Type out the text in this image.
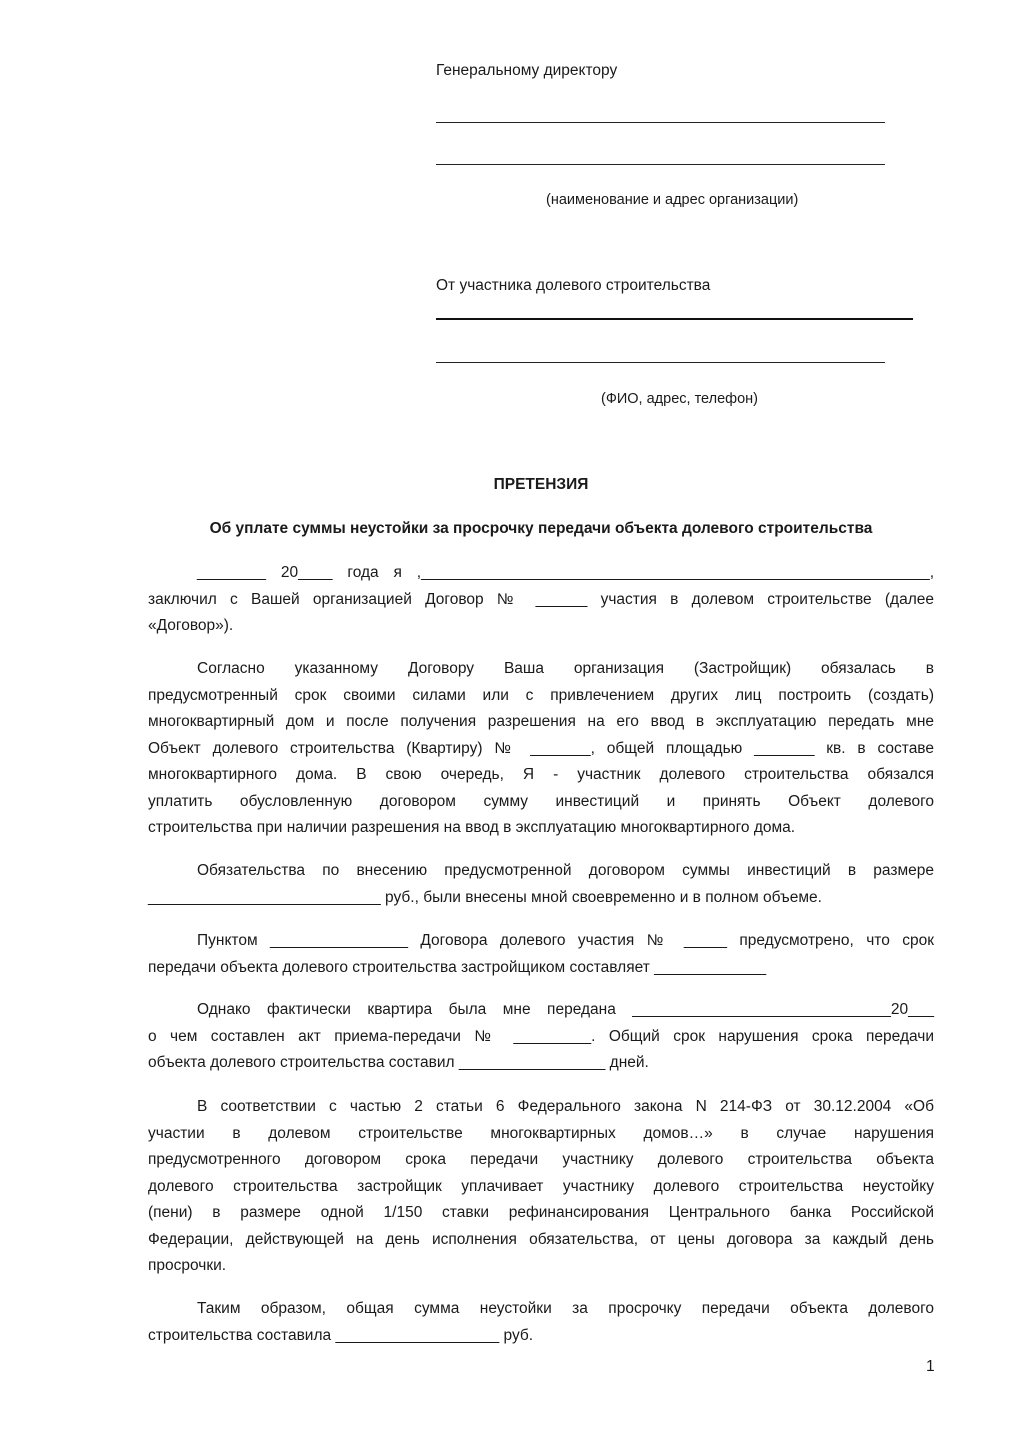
Генеральному директору
(наименование и адрес организации)
От участника долевого строительства
(ФИО, адрес, телефон)
ПРЕТЕНЗИЯ
Об уплате суммы неустойки за просрочку передачи объекта долевого строительства
________ 20____ года я ,___________________________________________________________,
заключил с Вашей организацией Договор № ______ участия в долевом строительстве (далее
«Договор»).
Согласно указанному Договору Ваша организация (Застройщик) обязалась в
предусмотренный срок своими силами или с привлечением других лиц построить (создать)
многоквартирный дом и после получения разрешения на его ввод в эксплуатацию передать мне
Объект долевого строительства (Квартиру) № _______, общей площадью _______ кв. в составе
многоквартирного дома. В свою очередь, Я - участник долевого строительства обязался
уплатить обусловленную договором сумму инвестиций и принять Объект долевого
строительства при наличии разрешения на ввод в эксплуатацию многоквартирного дома.
Обязательства по внесению предусмотренной договором суммы инвестиций в размере
___________________________ руб., были внесены мной своевременно и в полном объеме.
Пунктом ________________ Договора долевого участия № _____ предусмотрено, что срок
передачи объекта долевого строительства застройщиком составляет _____________
Однако фактически квартира была мне передана ______________________________20___
о чем составлен акт приема-передачи № _________. Общий срок нарушения срока передачи
объекта долевого строительства составил _________________ дней.
В соответствии с частью 2 статьи 6 Федерального закона N 214-ФЗ от 30.12.2004 «Об
участии в долевом строительстве многоквартирных домов…» в случае нарушения
предусмотренного договором срока передачи участнику долевого строительства объекта
долевого строительства застройщик уплачивает участнику долевого строительства неустойку
(пени) в размере одной 1/150 ставки рефинансирования Центрального банка Российской
Федерации, действующей на день исполнения обязательства, от цены договора за каждый день
просрочки.
Таким образом, общая сумма неустойки за просрочку передачи объекта долевого
строительства составила ___________________ руб.
1
